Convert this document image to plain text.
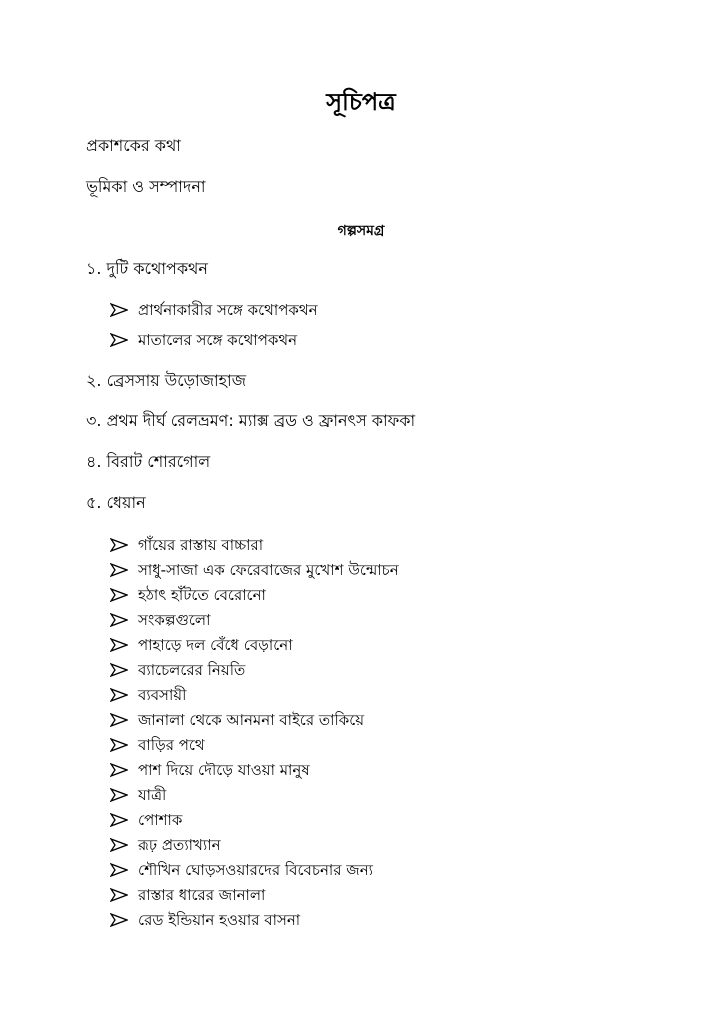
সূচিপত্র
প্রকাশকের কথা
ভূমিকা ও সম্পাদনা
গল্পসমগ্র
১. দুটি কথোপকথন
প্রার্থনাকারীর সঙ্গে কথোপকথন
মাতালের সঙ্গে কথোপকথন
২. ব্রেসসায় উড়োজাহাজ
৩. প্রথম দীর্ঘ রেলভ্রমণ: ম্যাক্স ব্রড ও ফ্রানৎস কাফকা
৪. বিরাট শোরগোল
৫. ধেয়ান
গাঁয়ের রাস্তায় বাচ্চারা
সাধু-সাজা এক ফেরেবাজের মুখোশ উন্মোচন
হঠাৎ হাঁটতে বেরোনো
সংকল্পগুলো
পাহাড়ে দল বেঁধে বেড়ানো
ব্যাচেলরের নিয়তি
ব্যবসায়ী
জানালা থেকে আনমনা বাইরে তাকিয়ে
বাড়ির পথে
পাশ দিয়ে দৌড়ে যাওয়া মানুষ
যাত্রী
পোশাক
রূঢ় প্রত্যাখ্যান
শৌখিন ঘোড়সওয়ারদের বিবেচনার জন্য
রাস্তার ধারের জানালা
রেড ইন্ডিয়ান হওয়ার বাসনা
